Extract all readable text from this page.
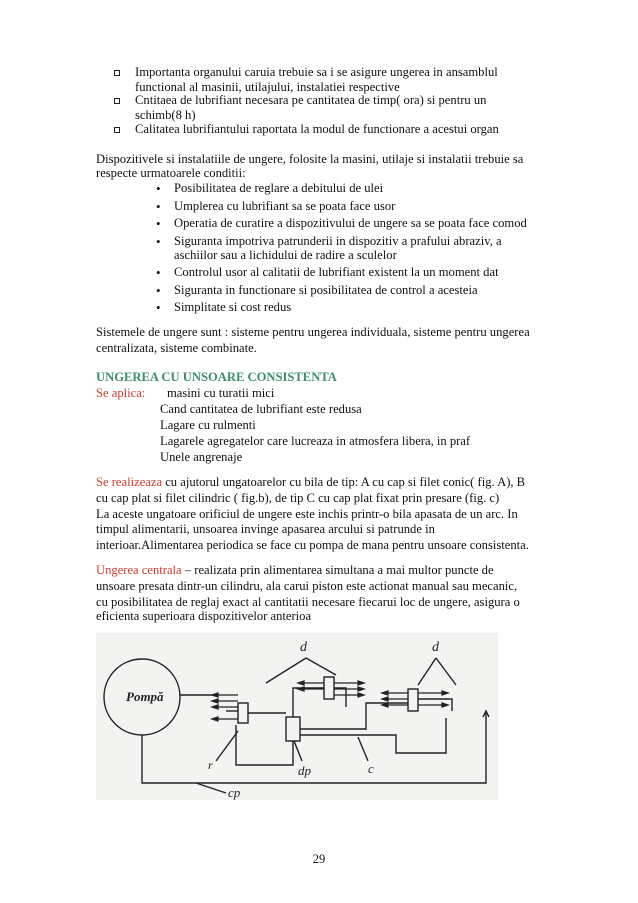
Importanta organului caruia trebuie sa i se asigure ungerea in ansamblul
functional al masinii, utilajului, instalatiei respective
Cntitaea de lubrifiant necesara pe cantitatea de timp( ora) si pentru un
schimb(8 h)
Calitatea lubrifiantului raportata la modul de functionare a acestui organ
Dispozitivele si instalatiile de ungere, folosite la masini, utilaje si instalatii trebuie sa
respecte urmatoarele conditii:
• Posibilitatea de reglare a debitului de ulei
• Umplerea cu lubrifiant sa se poata face usor
• Operatia de curatire a dispozitivului de ungere sa se poata face comod
• Siguranta impotriva patrunderii in dispozitiv a prafului abraziv, a
aschiilor sau a lichidului de radire a sculelor
• Controlul usor al calitatii de lubrifiant existent la un moment dat
• Siguranta in functionare si posibilitatea de control a acesteia
• Simplitate si cost redus
Sistemele de ungere sunt : sisteme pentru ungerea individuala, sisteme pentru ungerea
centralizata, sisteme combinate.
UNGEREA CU UNSOARE CONSISTENTA
Se aplica: masini cu turatii mici
Cand cantitatea de lubrifiant este redusa
Lagare cu rulmenti
Lagarele agregatelor care lucreaza in atmosfera libera, in praf
Unele angrenaje
Se realizeaza cu ajutorul ungatoarelor cu bila de tip: A cu cap si filet conic( fig. A), B
cu cap plat si filet cilindric ( fig.b), de tip C cu cap plat fixat prin presare (fig. c)
La aceste ungatoare orificiul de ungere este inchis printr-o bila apasata de un arc. In
timpul alimentarii, unsoarea invinge apasarea arcului si patrunde in
interioar.Alimentarea periodica se face cu pompa de mana pentru unsoare consistenta.
Ungerea centrala – realizata prin alimentarea simultana a mai multor puncte de
unsoare presata dintr-un cilindru, ala carui piston este actionat manual sau mecanic,
cu posibilitatea de reglaj exact al cantitatii necesare fiecarui loc de ungere, asigura o
eficienta superioara dispozitivelor anterioa
Pompă
d	d
c
dp
cp
r
29
